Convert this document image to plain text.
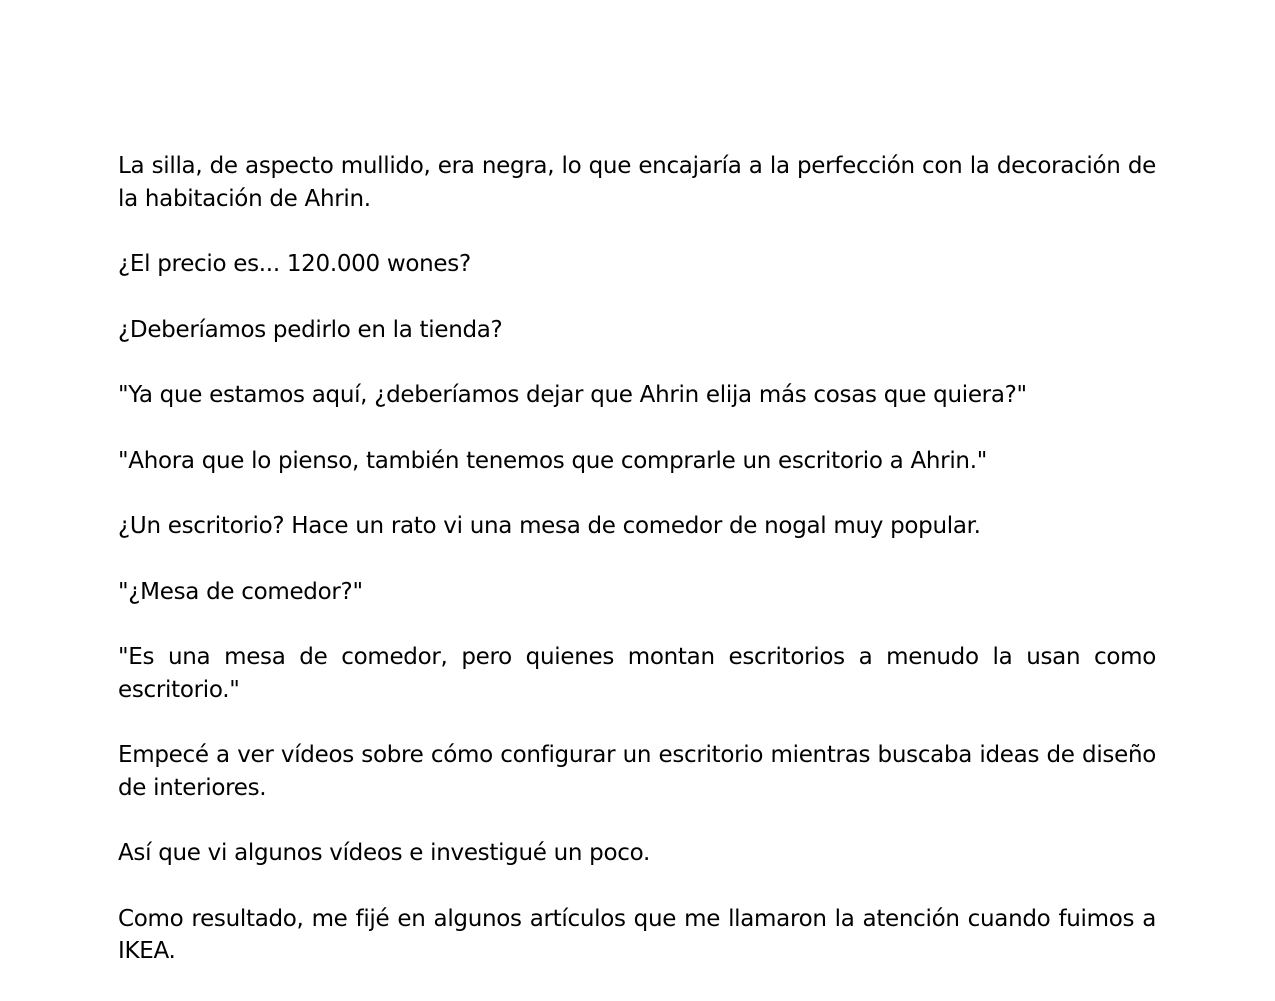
La silla, de aspecto mullido, era negra, lo que encajaría a la perfección con la decoración de la habitación de Ahrin.

¿El precio es... 120.000 wones?

¿Deberíamos pedirlo en la tienda?

"Ya que estamos aquí, ¿deberíamos dejar que Ahrin elija más cosas que quiera?"

"Ahora que lo pienso, también tenemos que comprarle un escritorio a Ahrin."

¿Un escritorio? Hace un rato vi una mesa de comedor de nogal muy popular.

"¿Mesa de comedor?"

"Es una mesa de comedor, pero quienes montan escritorios a menudo la usan como escritorio."

Empecé a ver vídeos sobre cómo configurar un escritorio mientras buscaba ideas de diseño de interiores.

Así que vi algunos vídeos e investigué un poco.

Como resultado, me fijé en algunos artículos que me llamaron la atención cuando fuimos a IKEA.
